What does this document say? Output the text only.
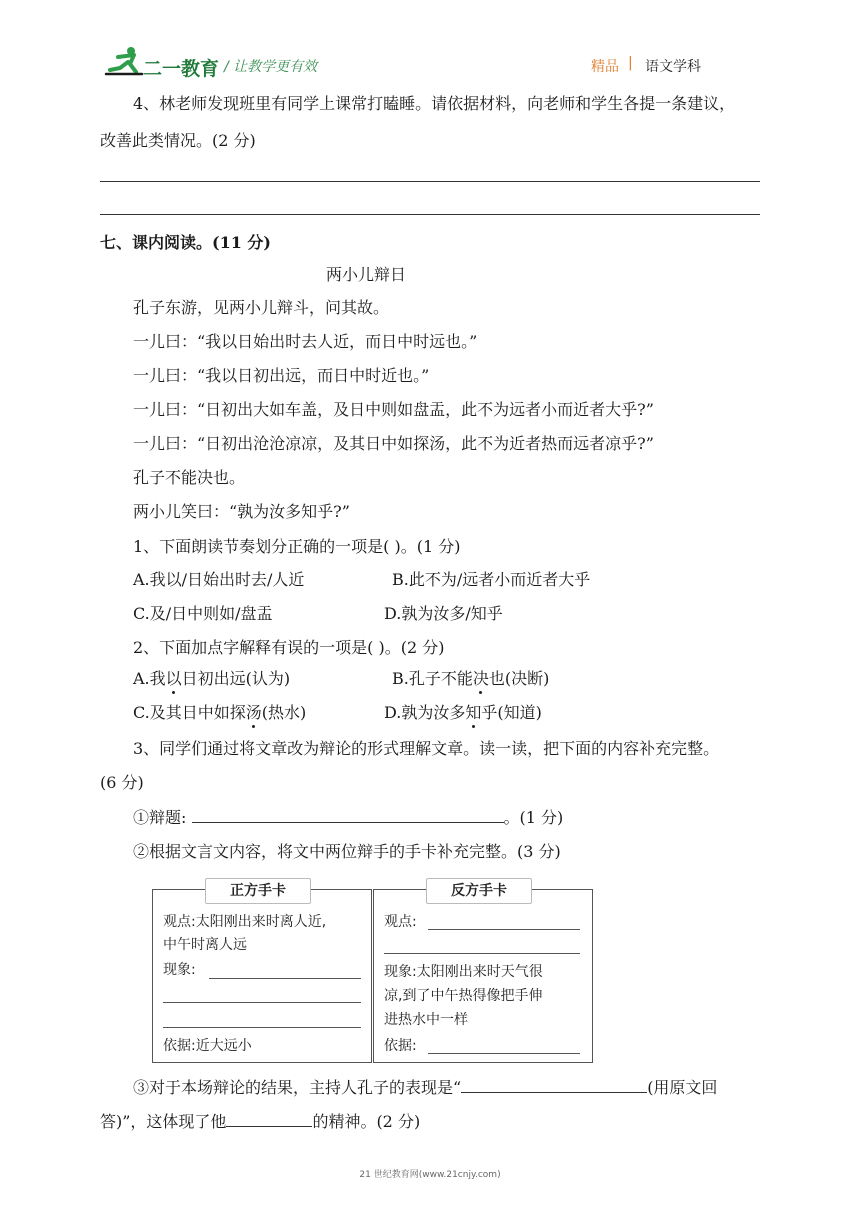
二一教育 / 让教学更有效	精品 | 语文学科
4、林老师发现班里有同学上课常打瞌睡。请依据材料，向老师和学生各提一条建议，
改善此类情况。(2 分)
七、课内阅读。(11 分)
两小儿辩日
孔子东游，见两小儿辩斗，问其故。
一儿曰：“我以日始出时去人近，而日中时远也。”
一儿曰：“我以日初出远，而日中时近也。”
一儿曰：“日初出大如车盖，及日中则如盘盂，此不为远者小而近者大乎?”
一儿曰：“日初出沧沧凉凉，及其日中如探汤，此不为近者热而远者凉乎?”
孔子不能决也。
两小儿笑曰：“孰为汝多知乎?”
1、下面朗读节奏划分正确的一项是( )。(1 分)
A.我以/日始出时去/人近	B.此不为/远者小而近者大乎
C.及/日中则如/盘盂	D.孰为汝多/知乎
2、下面加点字解释有误的一项是( )。(2 分)
A.我以日初出远(认为)	B.孔子不能决也(决断)
C.及其日中如探汤(热水)	D.孰为汝多知乎(知道)
3、同学们通过将文章改为辩论的形式理解文章。读一读，把下面的内容补充完整。
(6 分)
①辩题:	。(1 分)
②根据文言文内容，将文中两位辩手的手卡补充完整。(3 分)
正方手卡
观点:太阳刚出来时离人近,
中午时离人远
现象:
依据:近大远小
反方手卡
观点:
现象:太阳刚出来时天气很
凉,到了中午热得像把手伸
进热水中一样
依据:
③对于本场辩论的结果，主持人孔子的表现是“	(用原文回
答)”，这体现了他	的精神。(2 分)
21 世纪教育网(www.21cnjy.com)
